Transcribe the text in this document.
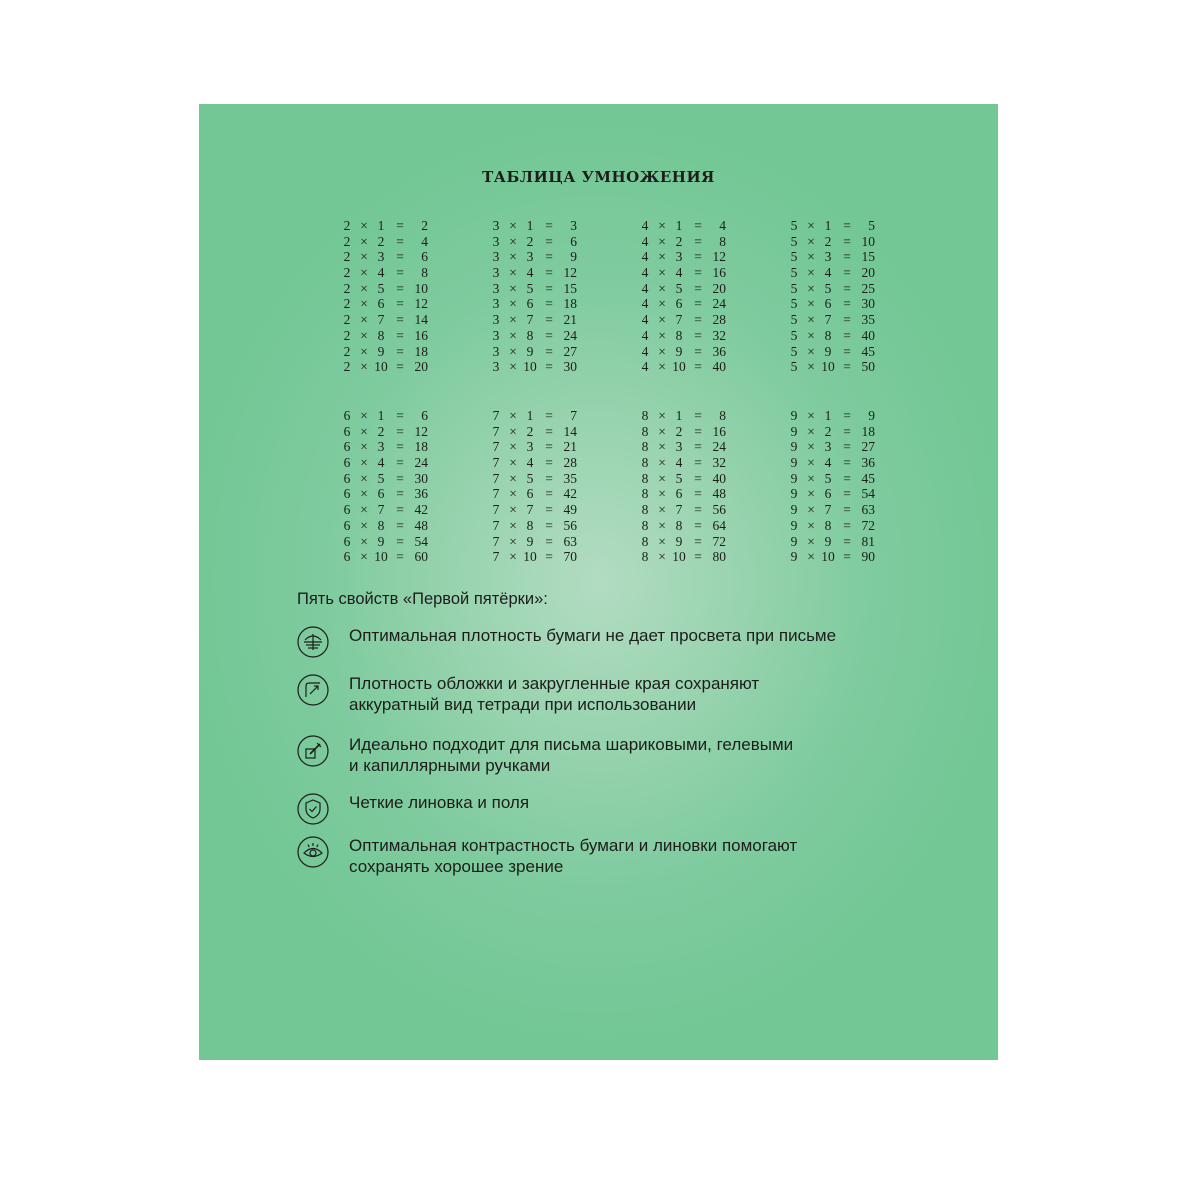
ТАБЛИЦА УМНОЖЕНИЯ
2 × 1 =	2
2 × 2 =	4
2 × 3 =	6
2 × 4 =	8
2 × 5 = 10
2 × 6 = 12
2 × 7 = 14
2 × 8 = 16
2 × 9 = 18
2 × 10 = 20
3 × 1 =	3
3 × 2 =	6
3 × 3 =	9
3 × 4 = 12
3 × 5 = 15
3 × 6 = 18
3 × 7 = 21
3 × 8 = 24
3 × 9 = 27
3 × 10 = 30
4 × 1 =	4
4 × 2 =	8
4 × 3 = 12
4 × 4 = 16
4 × 5 = 20
4 × 6 = 24
4 × 7 = 28
4 × 8 = 32
4 × 9 = 36
4 × 10 = 40
5 × 1 =	5
5 × 2 = 10
5 × 3 = 15
5 × 4 = 20
5 × 5 = 25
5 × 6 = 30
5 × 7 = 35
5 × 8 = 40
5 × 9 = 45
5 × 10 = 50
6 × 1 =	6
6 × 2 = 12
6 × 3 = 18
6 × 4 = 24
6 × 5 = 30
6 × 6 = 36
6 × 7 = 42
6 × 8 = 48
6 × 9 = 54
6 × 10 = 60
7 × 1 =	7
7 × 2 = 14
7 × 3 = 21
7 × 4 = 28
7 × 5 = 35
7 × 6 = 42
7 × 7 = 49
7 × 8 = 56
7 × 9 = 63
7 × 10 = 70
8 × 1 =	8
8 × 2 = 16
8 × 3 = 24
8 × 4 = 32
8 × 5 = 40
8 × 6 = 48
8 × 7 = 56
8 × 8 = 64
8 × 9 = 72
8 × 10 = 80
9 × 1 =	9
9 × 2 = 18
9 × 3 = 27
9 × 4 = 36
9 × 5 = 45
9 × 6 = 54
9 × 7 = 63
9 × 8 = 72
9 × 9 = 81
9 × 10 = 90
Пять свойств «Первой пятёрки»:
Оптимальная плотность бумаги не дает просвета при письме
Плотность обложки и закругленные края сохраняют
аккуратный вид тетради при использовании
Идеально подходит для письма шариковыми, гелевыми
и капиллярными ручками
Четкие линовка и поля
Оптимальная контрастность бумаги и линовки помогают
сохранять хорошее зрение
